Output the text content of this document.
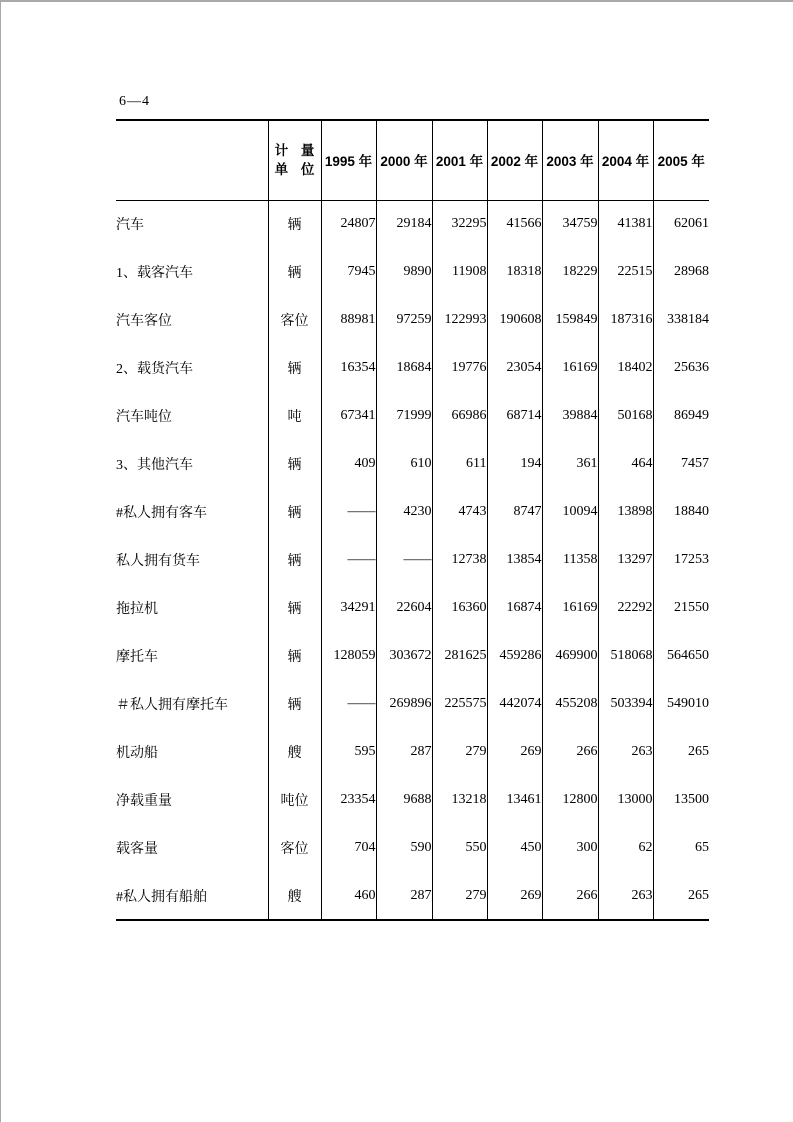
6—4

	计 量
单 位	1995 年	2000 年	2001 年	2002 年	2003 年	2004 年	2005 年
汽车	辆	24807	29184	32295	41566	34759	41381	62061
1、载客汽车	辆	7945	9890	11908	18318	18229	22515	28968
汽车客位	客位	88981	97259	122993	190608	159849	187316	338184
2、载货汽车	辆	16354	18684	19776	23054	16169	18402	25636
汽车吨位	吨	67341	71999	66986	68714	39884	50168	86949
3、其他汽车	辆	409	610	611	194	361	464	7457
#私人拥有客车	辆	——	4230	4743	8747	10094	13898	18840
私人拥有货车	辆	——	——	12738	13854	11358	13297	17253
拖拉机	辆	34291	22604	16360	16874	16169	22292	21550
摩托车	辆	128059	303672	281625	459286	469900	518068	564650
＃私人拥有摩托车	辆	——	269896	225575	442074	455208	503394	549010
机动船	艘	595	287	279	269	266	263	265
净载重量	吨位	23354	9688	13218	13461	12800	13000	13500
载客量	客位	704	590	550	450	300	62	65
#私人拥有船舶	艘	460	287	279	269	266	263	265
